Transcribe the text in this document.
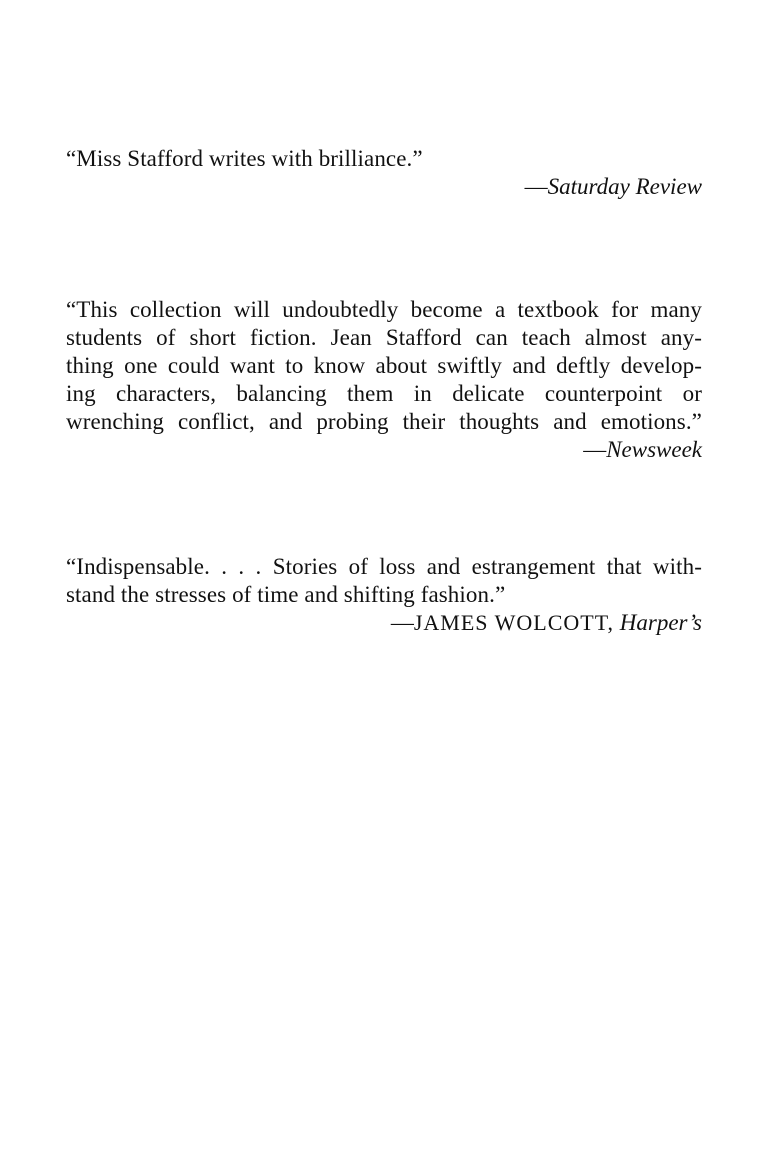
“Miss Stafford writes with brilliance.”

—Saturday Review

“This collection will undoubtedly become a textbook for many
students of short fiction. Jean Stafford can teach almost any-
thing one could want to know about swiftly and deftly develop-
ing characters, balancing them in delicate counterpoint or
wrenching conflict, and probing their thoughts and emotions.”

—Newsweek

“Indispensable. . . . Stories of loss and estrangement that with-
stand the stresses of time and shifting fashion.”

—JAMES WOLCOTT, Harper’s
